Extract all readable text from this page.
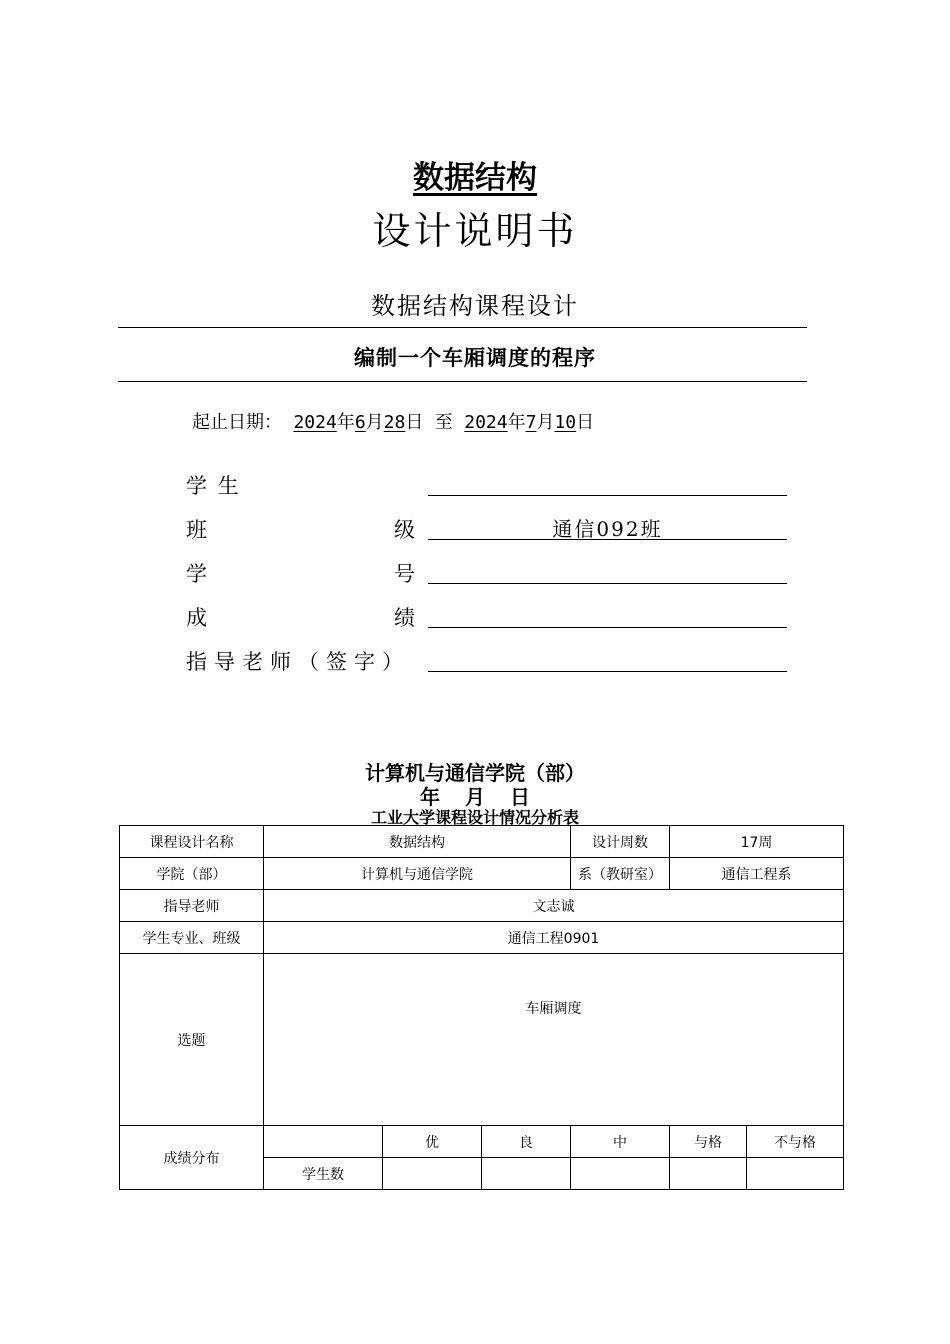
数据结构
设计说明书
数据结构课程设计
编制一个车厢调度的程序
起止日期： 2024年6月28日 至 2024年7月10日
学 生
班	级	通信092班
学	号
成	绩
指导老师（签字）
计算机与通信学院（部）
年 月 日
工业大学课程设计情况分析表
课程设计名称	数据结构			设计周数	17周	
学院（部）	计算机与通信学院			系（教研室）	通信工程系	
指导老师	文志诚					
学生专业、班级	通信工程0901					
选题	车厢调度					
成绩分布		优	良	中	与格	不与格
	学生数					
